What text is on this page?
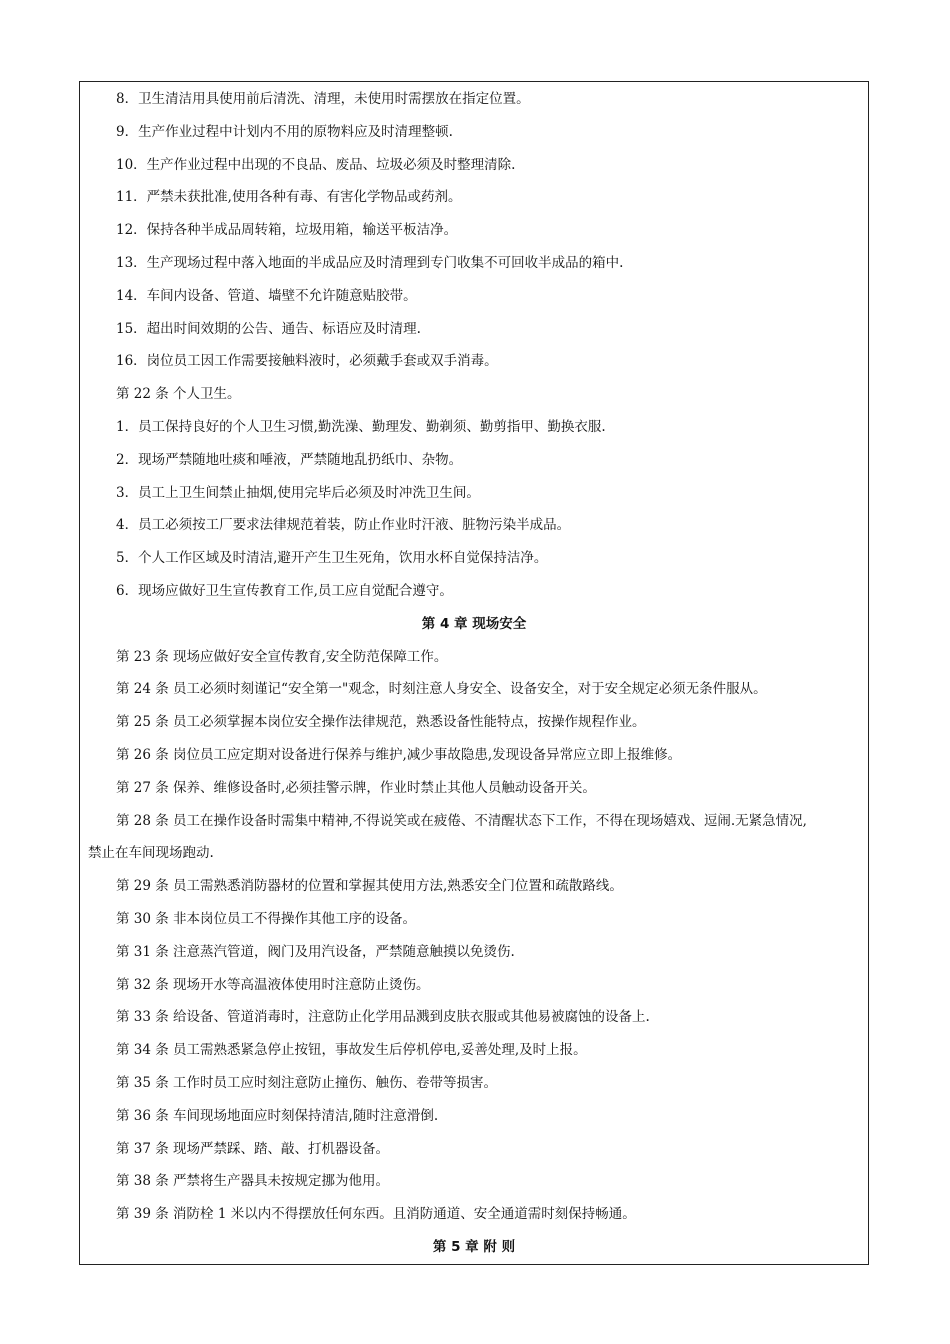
8．卫生清洁用具使用前后清洗、清理，未使用时需摆放在指定位置。
9．生产作业过程中计划内不用的原物料应及时清理整顿.
10．生产作业过程中出现的不良品、废品、垃圾必须及时整理清除.
11．严禁未获批准,使用各种有毒、有害化学物品或药剂。
12．保持各种半成品周转箱，垃圾用箱，输送平板洁净。
13．生产现场过程中落入地面的半成品应及时清理到专门收集不可回收半成品的箱中.
14．车间内设备、管道、墙壁不允许随意贴胶带。
15．超出时间效期的公告、通告、标语应及时清理.
16．岗位员工因工作需要接触料液时，必须戴手套或双手消毒。
第 22 条 个人卫生。
1．员工保持良好的个人卫生习惯,勤洗澡、勤理发、勤剃须、勤剪指甲、勤换衣服.
2．现场严禁随地吐痰和唾液，严禁随地乱扔纸巾、杂物。
3．员工上卫生间禁止抽烟,使用完毕后必须及时冲洗卫生间。
4．员工必须按工厂要求法律规范着装，防止作业时汗液、脏物污染半成品。
5．个人工作区域及时清洁,避开产生卫生死角，饮用水杯自觉保持洁净。
6．现场应做好卫生宣传教育工作,员工应自觉配合遵守。
第 4 章 现场安全
第 23 条 现场应做好安全宣传教育,安全防范保障工作。
第 24 条 员工必须时刻谨记“安全第一"观念，时刻注意人身安全、设备安全，对于安全规定必须无条件服从。
第 25 条 员工必须掌握本岗位安全操作法律规范，熟悉设备性能特点，按操作规程作业。
第 26 条 岗位员工应定期对设备进行保养与维护,减少事故隐患,发现设备异常应立即上报维修。
第 27 条 保养、维修设备时,必须挂警示牌，作业时禁止其他人员触动设备开关。
第 28 条 员工在操作设备时需集中精神,不得说笑或在疲倦、不清醒状态下工作，不得在现场嬉戏、逗闹.无紧急情况,
禁止在车间现场跑动.
第 29 条 员工需熟悉消防器材的位置和掌握其使用方法,熟悉安全门位置和疏散路线。
第 30 条 非本岗位员工不得操作其他工序的设备。
第 31 条 注意蒸汽管道，阀门及用汽设备，严禁随意触摸以免烫伤.
第 32 条 现场开水等高温液体使用时注意防止烫伤。
第 33 条 给设备、管道消毒时，注意防止化学用品溅到皮肤衣服或其他易被腐蚀的设备上.
第 34 条 员工需熟悉紧急停止按钮，事故发生后停机停电,妥善处理,及时上报。
第 35 条 工作时员工应时刻注意防止撞伤、触伤、卷带等损害。
第 36 条 车间现场地面应时刻保持清洁,随时注意滑倒.
第 37 条 现场严禁踩、踏、敲、打机器设备。
第 38 条 严禁将生产器具未按规定挪为他用。
第 39 条 消防栓 1 米以内不得摆放任何东西。且消防通道、安全通道需时刻保持畅通。
第 5 章 附 则
